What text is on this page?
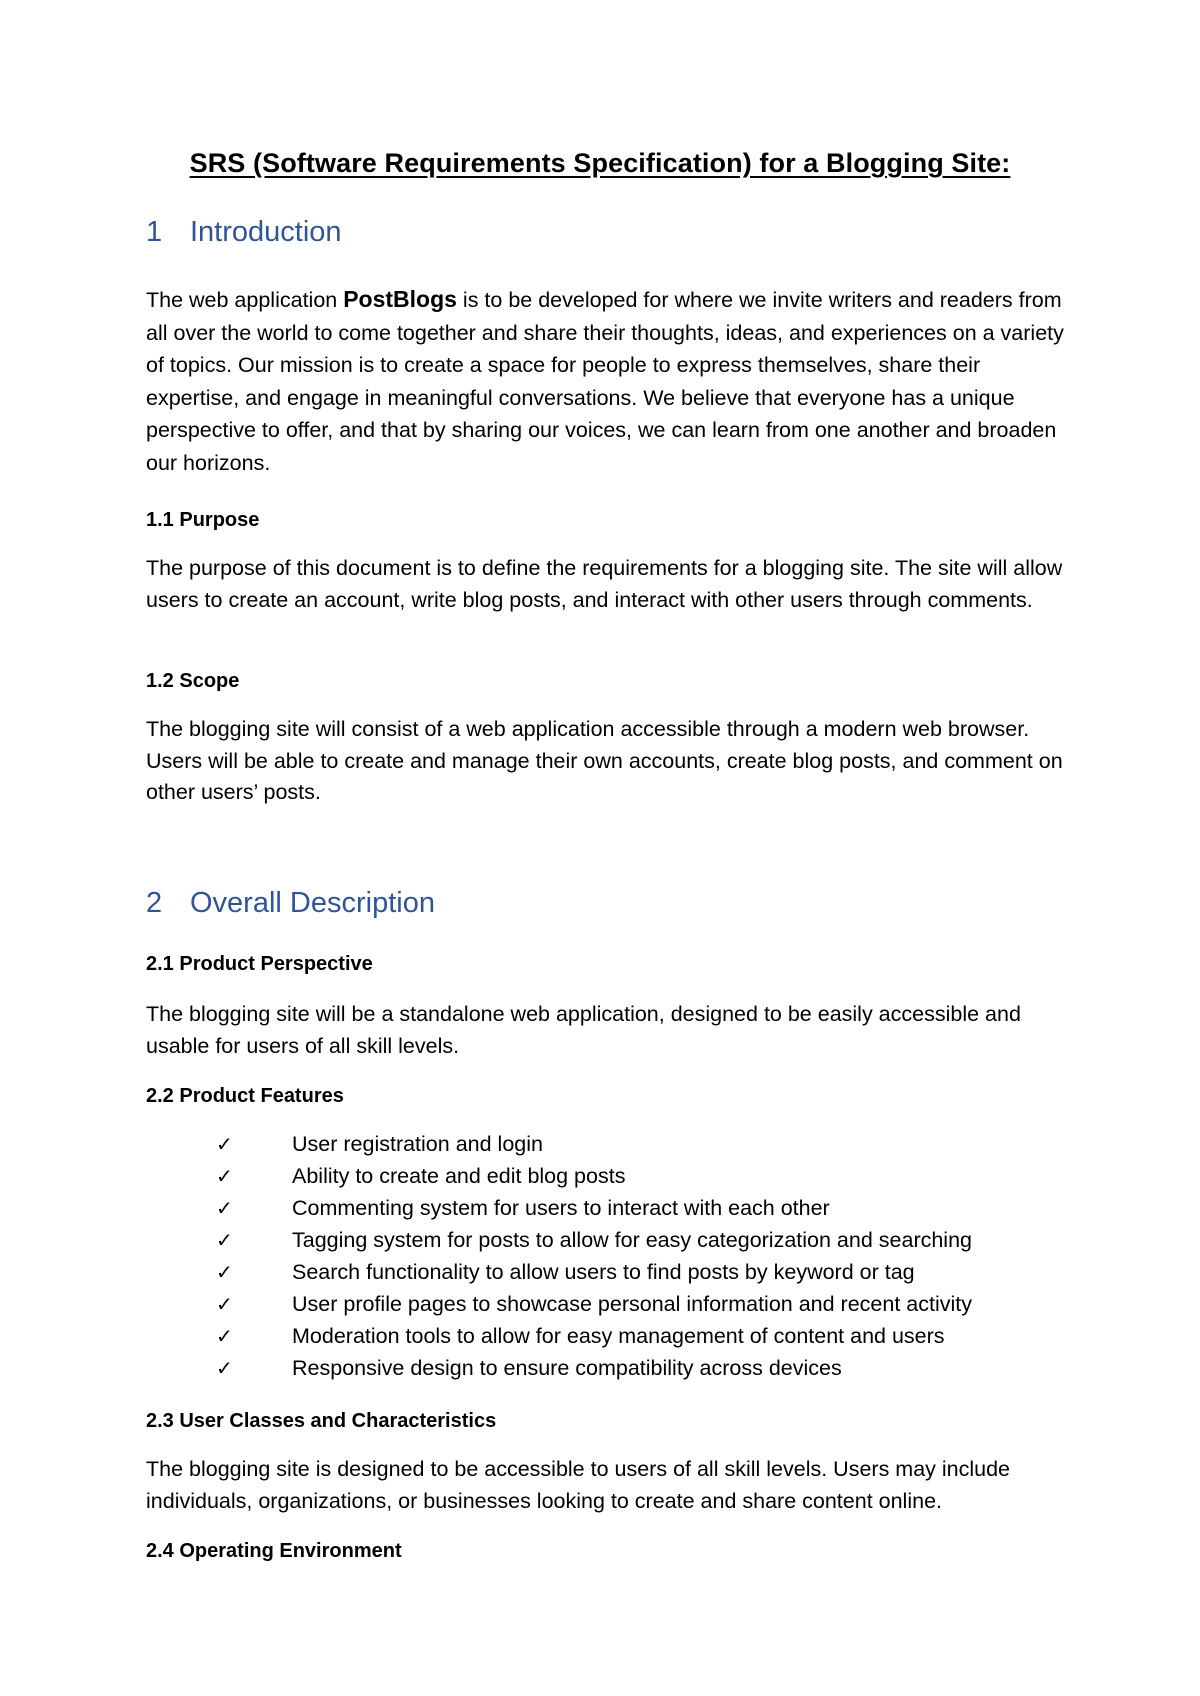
SRS (Software Requirements Specification) for a Blogging Site:
1 Introduction
The web application PostBlogs is to be developed for where we invite writers and readers from all over the world to come together and share their thoughts, ideas, and experiences on a variety of topics. Our mission is to create a space for people to express themselves, share their expertise, and engage in meaningful conversations. We believe that everyone has a unique perspective to offer, and that by sharing our voices, we can learn from one another and broaden our horizons.
1.1 Purpose
The purpose of this document is to define the requirements for a blogging site. The site will allow users to create an account, write blog posts, and interact with other users through comments.
1.2 Scope
The blogging site will consist of a web application accessible through a modern web browser. Users will be able to create and manage their own accounts, create blog posts, and comment on other users’ posts.
2 Overall Description
2.1 Product Perspective
The blogging site will be a standalone web application, designed to be easily accessible and usable for users of all skill levels.
2.2 Product Features
✓	User registration and login
✓	Ability to create and edit blog posts
✓	Commenting system for users to interact with each other
✓	Tagging system for posts to allow for easy categorization and searching
✓	Search functionality to allow users to find posts by keyword or tag
✓	User profile pages to showcase personal information and recent activity
✓	Moderation tools to allow for easy management of content and users
✓	Responsive design to ensure compatibility across devices
2.3 User Classes and Characteristics
The blogging site is designed to be accessible to users of all skill levels. Users may include individuals, organizations, or businesses looking to create and share content online.
2.4 Operating Environment
